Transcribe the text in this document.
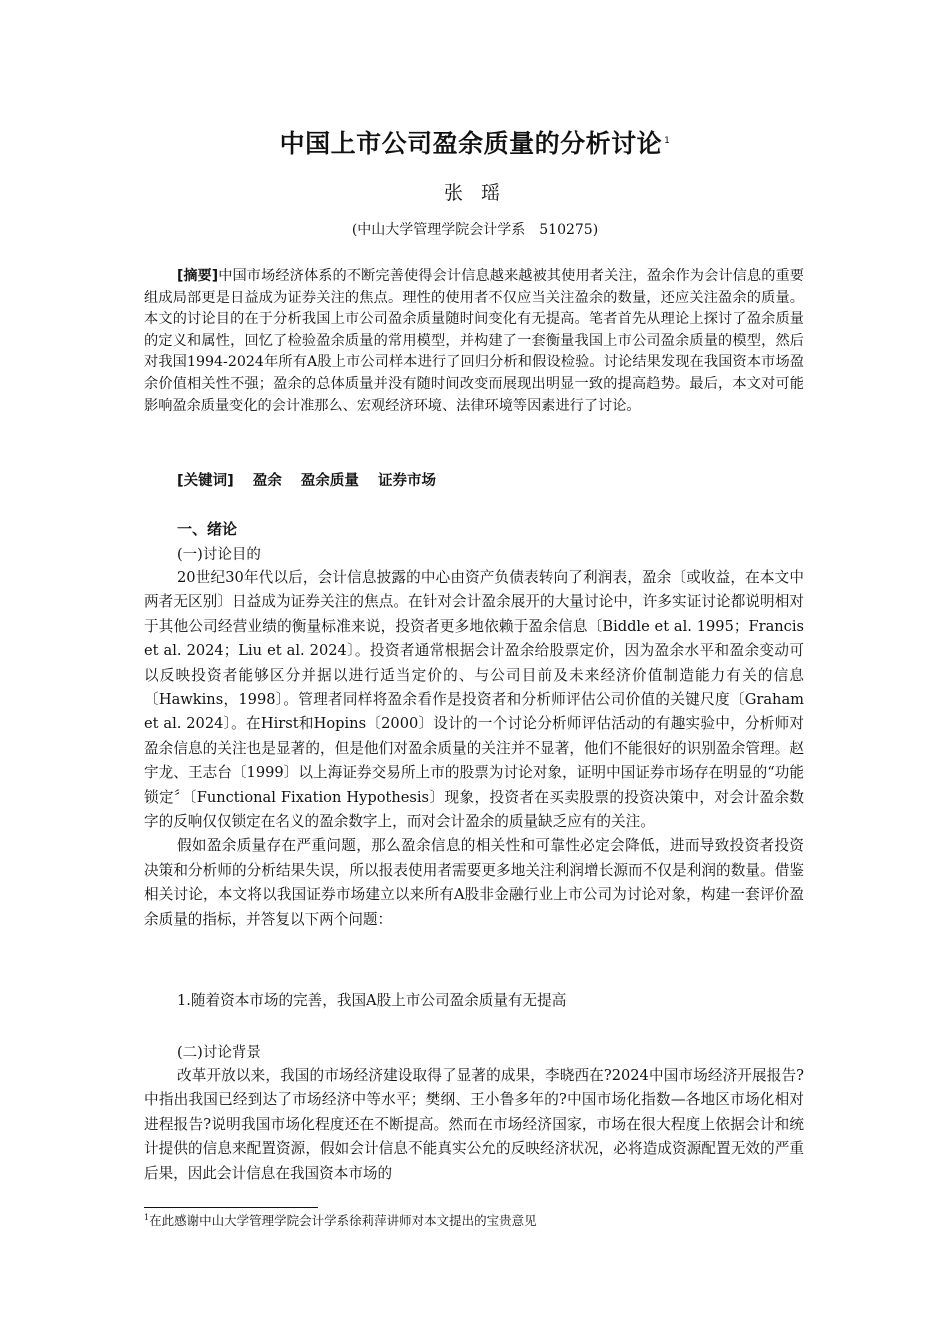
中国上市公司盈余质量的分析讨论 $^1$
张 瑶
(中山大学管理学院会计学系　510275)
[摘要]中国市场经济体系的不断完善使得会计信息越来越被其使用者关注，盈余作为会计信息的重要组成局部更是日益成为证券关注的焦点。理性的使用者不仅应当关注盈余的数量，还应关注盈余的质量。本文的讨论目的在于分析我国上市公司盈余质量随时间变化有无提高。笔者首先从理论上探讨了盈余质量的定义和属性，回忆了检验盈余质量的常用模型，并构建了一套衡量我国上市公司盈余质量的模型，然后对我国1994-2024年所有A股上市公司样本进行了回归分析和假设检验。讨论结果发现在我国资本市场盈余价值相关性不强；盈余的总体质量并没有随时间改变而展现出明显一致的提高趋势。最后，本文对可能影响盈余质量变化的会计准那么、宏观经济环境、法律环境等因素进行了讨论。
[关键词] 盈余 盈余质量 证券市场
一、绪论
(一)讨论目的

20世纪30年代以后，会计信息披露的中心由资产负债表转向了利润表，盈余〔或收益，在本文中两者无区别〕日益成为证券关注的焦点。在针对会计盈余展开的大量讨论中，许多实证讨论都说明相对于其他公司经营业绩的衡量标准来说，投资者更多地依赖于盈余信息〔Biddle et al. 1995；Francis et al. 2024；Liu et al. 2024〕。投资者通常根据会计盈余给股票定价，因为盈余水平和盈余变动可以反映投资者能够区分并据以进行适当定价的、与公司目前及未来经济价值制造能力有关的信息〔Hawkins，1998〕。管理者同样将盈余看作是投资者和分析师评估公司价值的关键尺度〔Graham et al. 2024〕。在Hirst和Hopins〔2000〕设计的一个讨论分析师评估活动的有趣实验中，分析师对盈余信息的关注也是显著的，但是他们对盈余质量的关注并不显著，他们不能很好的识别盈余管理。赵宇龙、王志台〔1999〕以上海证券交易所上市的股票为讨论对象，证明中国证券市场存在明显的“功能锁定〞〔Functional Fixation Hypothesis〕现象，投资者在买卖股票的投资决策中，对会计盈余数字的反响仅仅锁定在名义的盈余数字上，而对会计盈余的质量缺乏应有的关注。

假如盈余质量存在严重问题，那么盈余信息的相关性和可靠性必定会降低，进而导致投资者投资决策和分析师的分析结果失误，所以报表使用者需要更多地关注利润增长源而不仅是利润的数量。借鉴相关讨论，本文将以我国证券市场建立以来所有A股非金融行业上市公司为讨论对象，构建一套评价盈余质量的指标，并答复以下两个问题：

1.随着资本市场的完善，我国A股上市公司盈余质量有无提高
(二)讨论背景

改革开放以来，我国的市场经济建设取得了显著的成果，李晓西在?2024中国市场经济开展报告?中指出我国已经到达了市场经济中等水平；樊纲、王小鲁多年的?中国市场化指数—各地区市场化相对进程报告?说明我国市场化程度还在不断提高。然而在市场经济国家，市场在很大程度上依据会计和统计提供的信息来配置资源，假如会计信息不能真实公允的反映经济状况，必将造成资源配置无效的严重后果，因此会计信息在我国资本市场的

$^1$在此感谢中山大学管理学院会计学系徐莉萍讲师对本文提出的宝贵意见
